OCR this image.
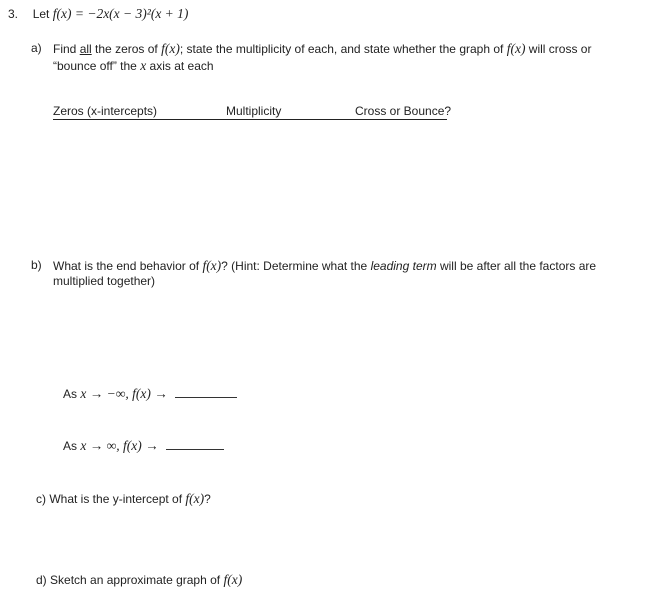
3. Let f(x) = −2x(x − 3)²(x + 1)
a) Find all the zeros of f(x); state the multiplicity of each, and state whether the graph of f(x) will cross or
“bounce off” the x axis at each
Zeros (x-intercepts)	Multiplicity	Cross or Bounce?
b) What is the end behavior of f(x)? (Hint: Determine what the leading term will be after all the factors are
multiplied together)
As x → −∞, f(x) →
As x → ∞, f(x) →
c) What is the y-intercept of f(x)?
d) Sketch an approximate graph of f(x)
